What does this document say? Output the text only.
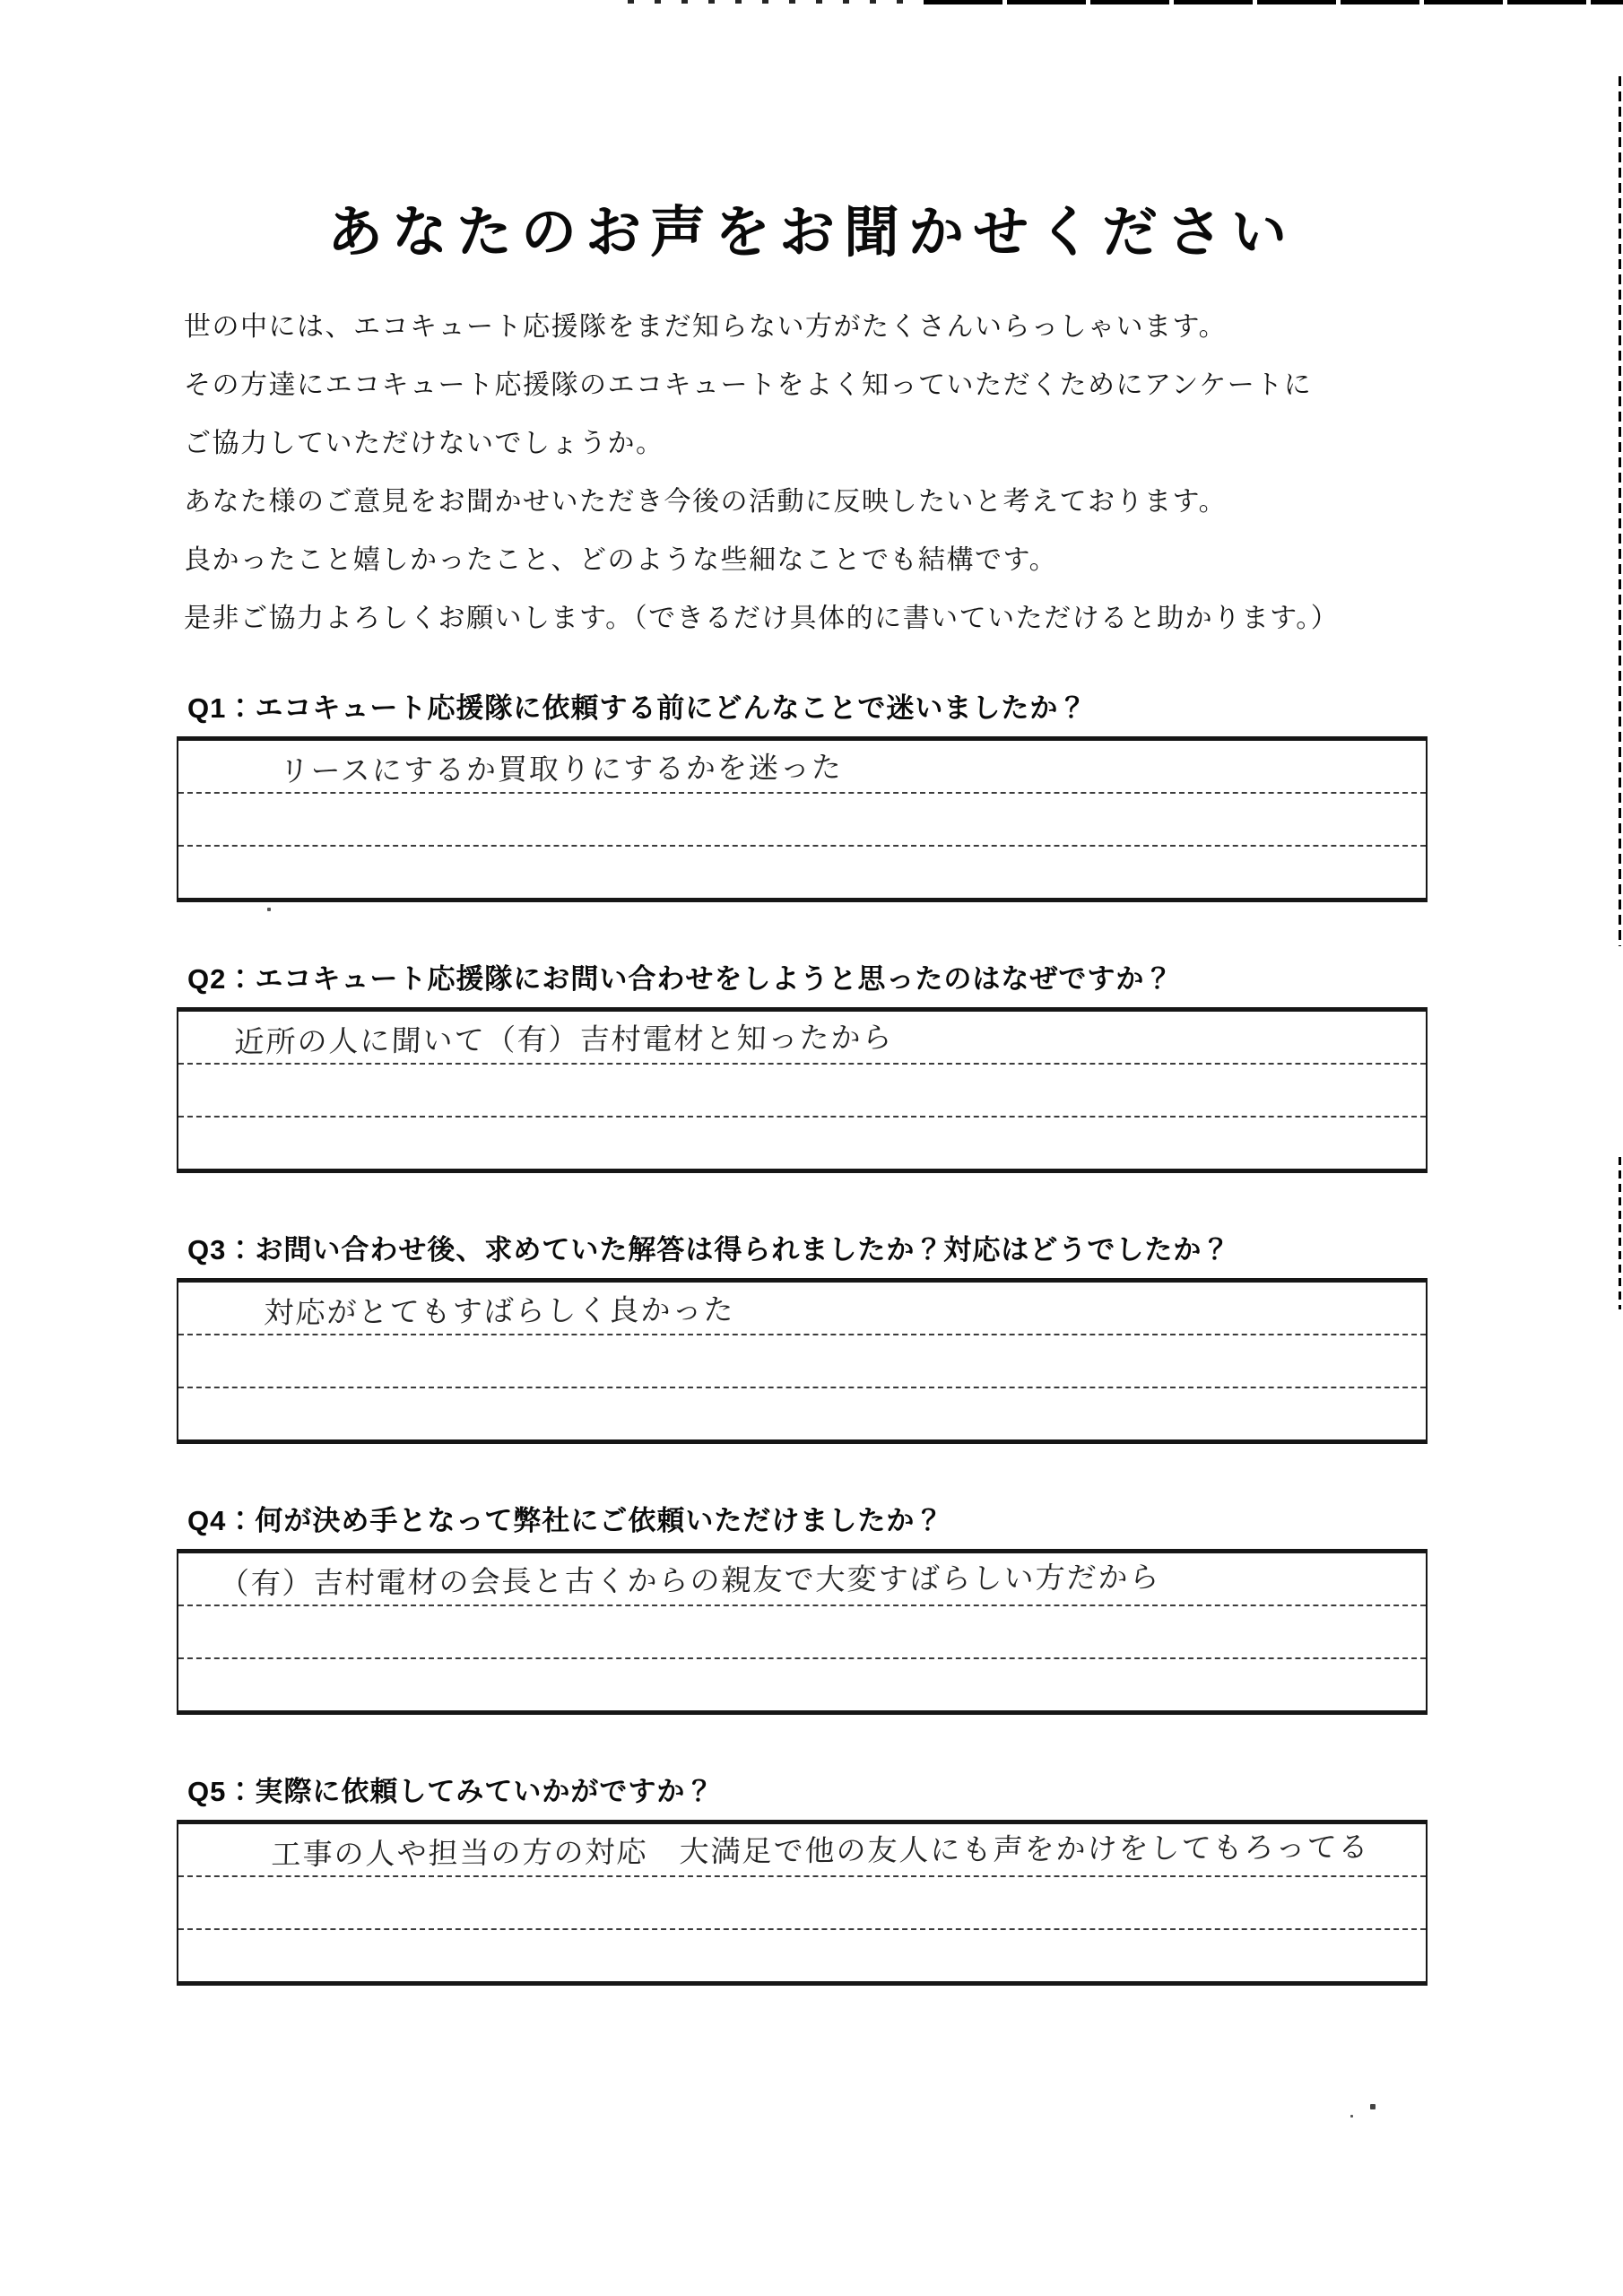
あなたのお声をお聞かせください
世の中には、エコキュート応援隊をまだ知らない方がたくさんいらっしゃいます。
その方達にエコキュート応援隊のエコキュートをよく知っていただくためにアンケートに
ご協力していただけないでしょうか。
あなた様のご意見をお聞かせいただき今後の活動に反映したいと考えております。
良かったこと嬉しかったこと、どのような些細なことでも結構です。
是非ご協力よろしくお願いします。（できるだけ具体的に書いていただけると助かります。）
Q1：エコキュート応援隊に依頼する前にどんなことで迷いましたか？
リースにするか買取りにするかを迷った
Q2：エコキュート応援隊にお問い合わせをしようと思ったのはなぜですか？
近所の人に聞いて（有）吉村電材と知ったから
Q3：お問い合わせ後、求めていた解答は得られましたか？対応はどうでしたか？
対応がとてもすばらしく良かった
Q4：何が決め手となって弊社にご依頼いただけましたか？
（有）吉村電材の会長と古くからの親友で大変すばらしい方だから
Q5：実際に依頼してみていかがですか？
工事の人や担当の方の対応　大満足で他の友人にも声をかけをしてもろってる
